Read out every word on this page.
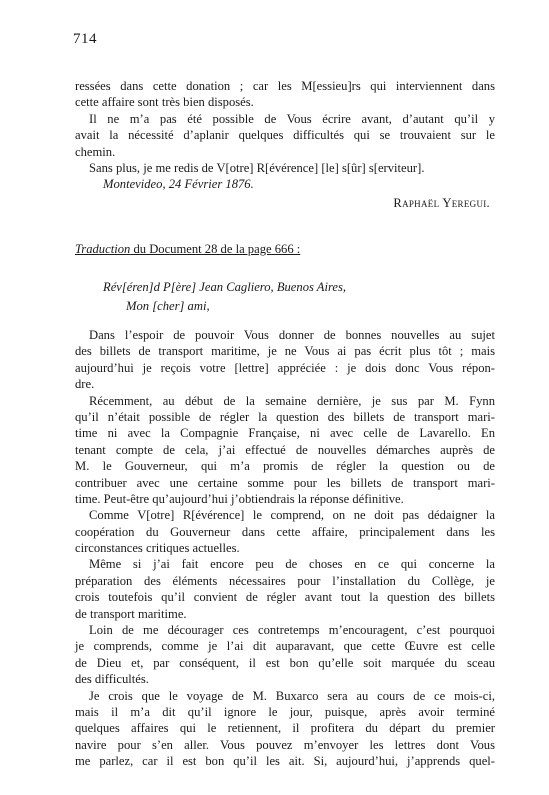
714
ressées dans cette donation ; car les M[essieu]rs qui interviennent dans
cette affaire sont très bien disposés.
Il ne m’a pas été possible de Vous écrire avant, d’autant qu’il y
avait la nécessité d’aplanir quelques difficultés qui se trouvaient sur le
chemin.
Sans plus, je me redis de V[otre] R[évérence] [le] s[ûr] s[erviteur].
Montevideo, 24 Février 1876.
Raphaël Yeregui.
Traduction du Document 28 de la page 666 :
Rév[éren]d P[ère] Jean Cagliero, Buenos Aires,
Mon [cher] ami,
Dans l’espoir de pouvoir Vous donner de bonnes nouvelles au sujet
des billets de transport maritime, je ne Vous ai pas écrit plus tôt ; mais
aujourd’hui je reçois votre [lettre] appréciée : je dois donc Vous répon-
dre.
Récemment, au début de la semaine dernière, je sus par M. Fynn
qu’il n’était possible de régler la question des billets de transport mari-
time ni avec la Compagnie Française, ni avec celle de Lavarello. En
tenant compte de cela, j’ai effectué de nouvelles démarches auprès de
M. le Gouverneur, qui m’a promis de régler la question ou de
contribuer avec une certaine somme pour les billets de transport mari-
time. Peut-être qu’aujourd’hui j’obtiendrais la réponse définitive.
Comme V[otre] R[évérence] le comprend, on ne doit pas dédaigner la
coopération du Gouverneur dans cette affaire, principalement dans les
circonstances critiques actuelles.
Même si j’ai fait encore peu de choses en ce qui concerne la
préparation des éléments nécessaires pour l’installation du Collège, je
crois toutefois qu’il convient de régler avant tout la question des billets
de transport maritime.
Loin de me décourager ces contretemps m’encouragent, c’est pourquoi
je comprends, comme je l’ai dit auparavant, que cette Œuvre est celle
de Dieu et, par conséquent, il est bon qu’elle soit marquée du sceau
des difficultés.
Je crois que le voyage de M. Buxarco sera au cours de ce mois-ci,
mais il m’a dit qu’il ignore le jour, puisque, après avoir terminé
quelques affaires qui le retiennent, il profitera du départ du premier
navire pour s’en aller. Vous pouvez m’envoyer les lettres dont Vous
me parlez, car il est bon qu’il les ait. Si, aujourd’hui, j’apprends quel-
